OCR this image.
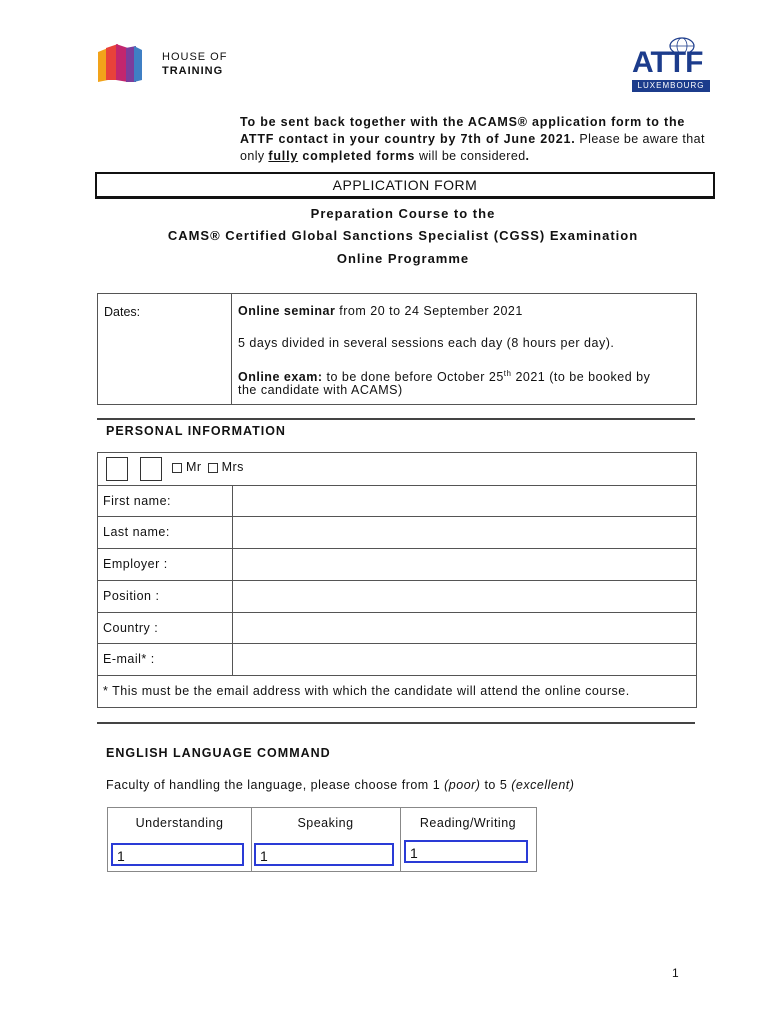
HOUSE OF
TRAINING	ATTF
LUXEMBOURG
To be sent back together with the ACAMS® application form to the ATTF contact in your country by 7th of June 2021. Please be aware that only fully completed forms will be considered.
APPLICATION FORM
Preparation Course to the
CAMS® Certified Global Sanctions Specialist (CGSS) Examination
Online Programme
Dates:	Online seminar from 20 to 24 September 2021
5 days divided in several sessions each day (8 hours per day).
Online exam: to be done before October 25th 2021 (to be booked by
the candidate with ACAMS)
PERSONAL INFORMATION
Mr Mrs
First name:
Last name:
Employer :
Position :
Country :
E-mail* :
* This must be the email address with which the candidate will attend the online course.
ENGLISH LANGUAGE COMMAND
Faculty of handling the language, please choose from 1 (poor) to 5 (excellent)
Understanding	Speaking	Reading/Writing
1	1	1
1
